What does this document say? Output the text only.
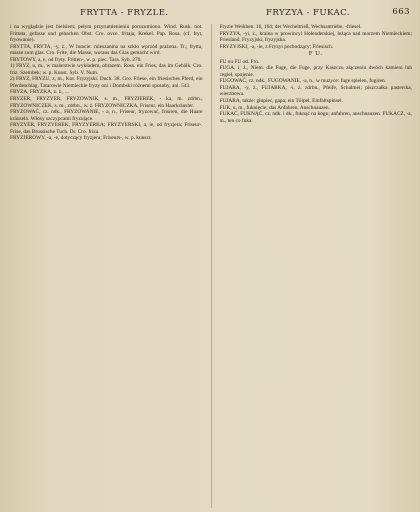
FRYTTA - FRYZLE.	FRYZYA - FUKAC.	663

i na wyglądzie jest bielsiem; pełym przyrumienieniu porozumiono. Wind. Rusk. not. Frittata, gefasse und gebacken Obst. Cro. ovce. fritaja, Krekel. Pap. Rosa. (cf. fryt, fryowanie).

FRYTTA, FRYTA, -y, ż., W huncie: mieszanina na szkło wprzód prażona. Tr.; frytta, masse zum glas. Cro. Frite, die Masse, woraus das Glas gemacht wird.

FRYTOWY, a, e, od fryty. Fritten-, w. p. piec. Tara. Syb. 270.

1) FRYZ, u, m., w malarstwie wykładem, obrazem. Ross. ein Fries, das im Gebälk. Cro. friz. Szembek; w. p. Kunst. Syb. V. Num.

2) FRYZ, FRYZU, z, m., Kot. Fryzyjski. Duch. 38. Gro. Friese, ein friesisches Pferd, ein Pferdeschlag. Tatarowie Niemieckie fryzy oni i Dombski różnemi sposoby, ani. 543.

FRYZA, FRYZKA, z. ż., ...

FRYZER, FRYZYER, FRYZOWNIK, s. m., FRYZIEREK, - ka, m. zdrbn., FRYZOWNICZEK, s. m., zdrbn., w. ż. FRYZOWNICZKA, Friseur, ein Haarkräusler.

FRYZOWAĆ, cz. ndk., FRYZOWANIE, - a, n., Friseur, fryzować, frisiren, die Haare kräuseln. Włosy szczypcami fryzujące.

FRYZYER, FRYZYEREK, FRYZYERKA; FRYZYERSKI, a, ie, od fryzjera; Friseur-. Frise, das Brussische Tuch. Dr. Cro. friza.

FRYZJEROWY, -a, -e, dotyczący fryzjera; Friseurs-, w. p. kunszt.

Fryzie Weikhen. 16, 164; der Wecheltrieß, Wechsantriebe, -friesel.

FRYZYA, -yi, ż., kraina w prowincyi Holenderskiej, leżąca nad morzem Niemieckiem; Friesland. Fryzyjski, fryzyjska.

FRYZYJSKI, -a, -ie, z Fryzyi pochodzący; Friesisch.

F U.

FU ou FU od. Fro.

FUGA, i, ż., Niem. die Fuge, die Fuge, przy Kaszczu złączeniu dwóch kamieni lub cegieł, spojenie.

FUGOWAĆ, cz. ndk., FUGOWANIE, -a, n., w muzyce: fuge spielen, fugiren.

FUJARA, -y, ż., FUJARKA, -i, ż. zdrbn., Pfeife, Schalmei; piszczałka pasterska, wierzbowa.

FUJARA, także: głupiec, gapa; ein Tölpel, Einfaltspinsel.

FUK, u, m., fuknięcie; das Anfahren, Anschnauzen.

FUKAĆ, FUKNĄĆ, cz. ndk. i dk., fuknąć na kogo; anfahren, anschnauzen. FUKACZ, -a, m., ten co fuka.
